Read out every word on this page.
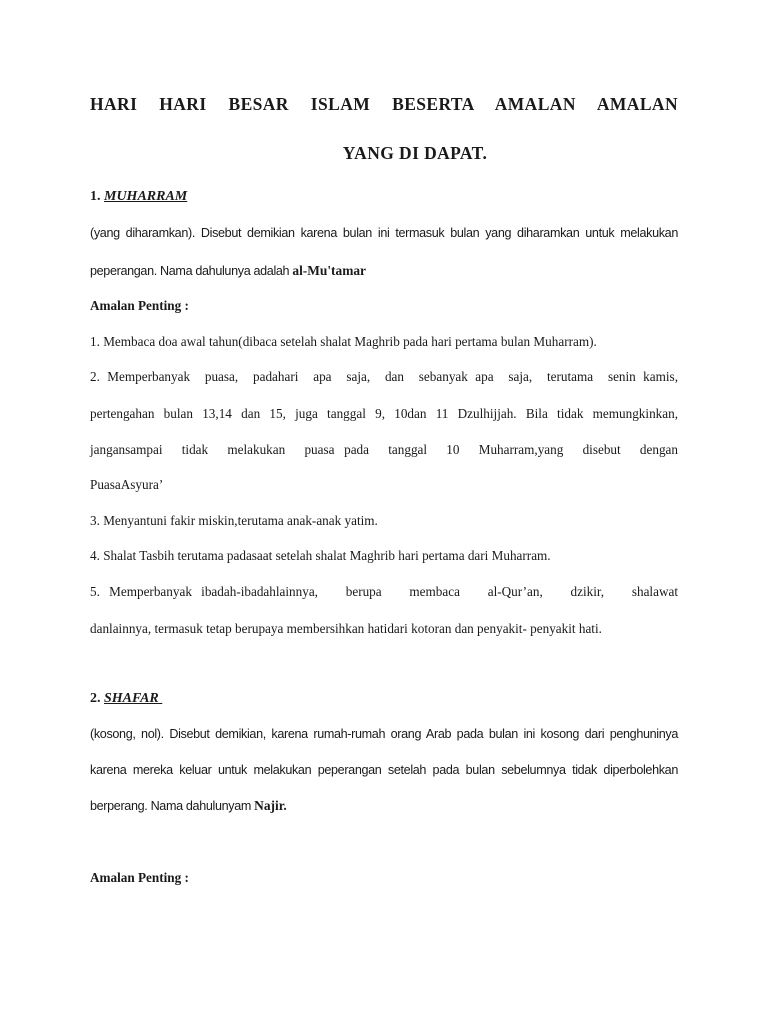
HARI HARI BESAR ISLAM BESERTA AMALAN AMALAN
YANG DI DAPAT.
1. MUHARRAM
(yang diharamkan). Disebut demikian karena bulan ini termasuk bulan yang diharamkan untuk melakukan
peperangan. Nama dahulunya adalah al-Mu'tamar
Amalan Penting :
1. Membaca doa awal tahun(dibaca setelah shalat Maghrib pada hari pertama bulan Muharram).
2. Memperbanyak  puasa,  padahari  apa  saja,  dan  sebanyak apa  saja,  terutama  senin kamis,
pertengahan bulan 13,14 dan 15, juga tanggal 9, 10dan 11 Dzulhijjah. Bila tidak memungkinkan,
jangansampai  tidak  melakukan  puasa pada  tanggal  10  Muharram,yang  disebut  dengan
PuasaAsyura’
3. Menyantuni fakir miskin,terutama anak-anak yatim.
4. Shalat Tasbih terutama padasaat setelah shalat Maghrib hari pertama dari Muharram.
5. Memperbanyak ibadah-ibadahlainnya,   berupa   membaca   al-Qur’an,   dzikir,   shalawat
danlainnya, termasuk tetap berupaya membersihkan hatidari kotoran dan penyakit- penyakit hati.
2. SHAFAR
(kosong, nol). Disebut demikian, karena rumah-rumah orang Arab pada bulan ini kosong dari penghuninya
karena mereka keluar untuk melakukan peperangan setelah pada bulan sebelumnya tidak diperbolehkan
berperang. Nama dahulunyam Najir.
Amalan Penting :
